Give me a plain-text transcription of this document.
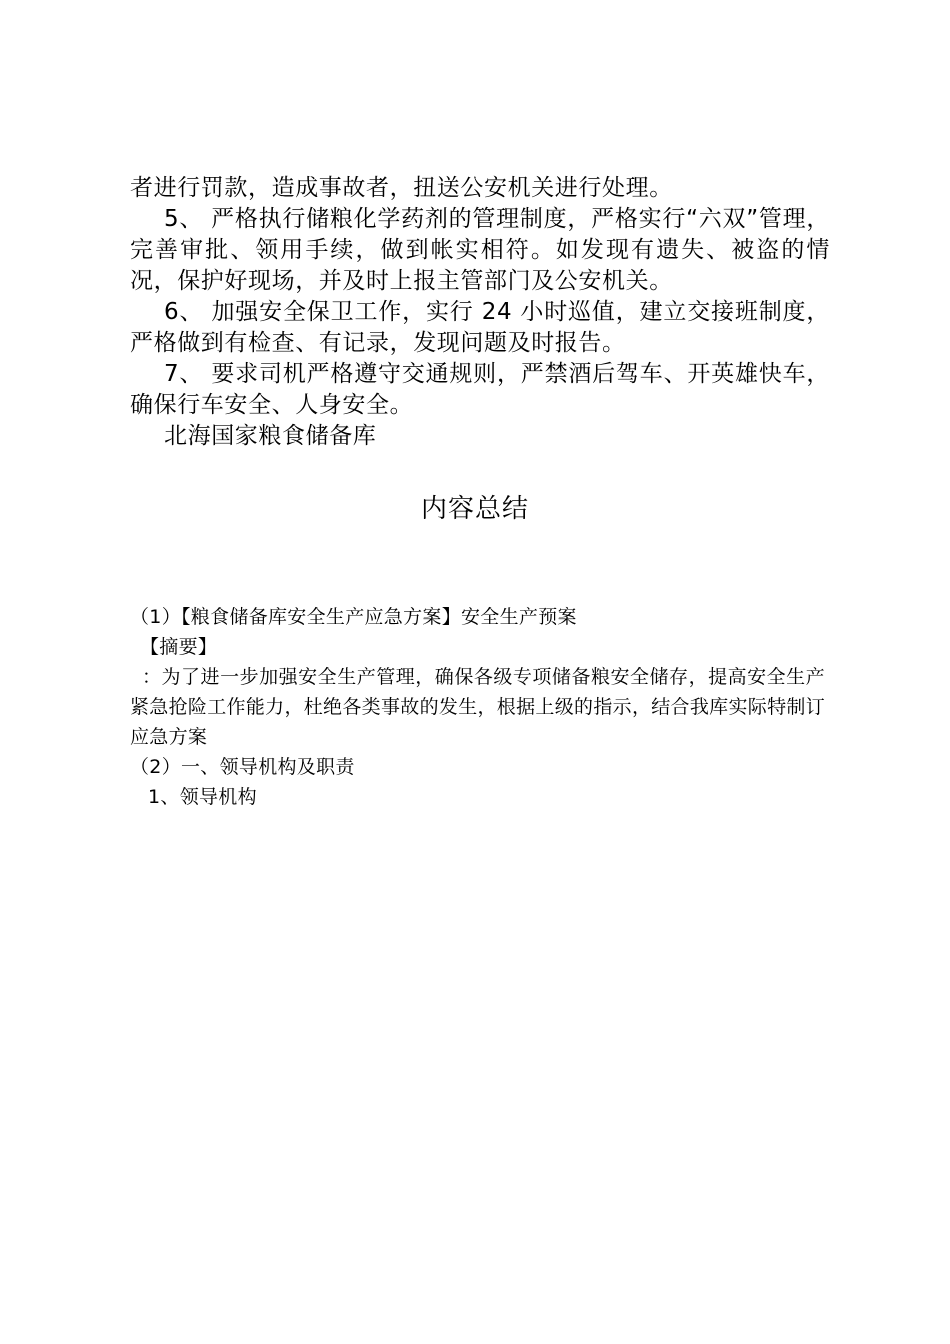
者进行罚款，造成事故者，扭送公安机关进行处理。

5、 严格执行储粮化学药剂的管理制度，严格实行“六双”管理，完善审批、领用手续，做到帐实相符。如发现有遗失、被盗的情况，保护好现场，并及时上报主管部门及公安机关。

6、 加强安全保卫工作，实行 24 小时巡值，建立交接班制度，严格做到有检查、有记录，发现问题及时报告。

7、 要求司机严格遵守交通规则，严禁酒后驾车、开英雄快车，确保行车安全、人身安全。

北海国家粮食储备库

内容总结

（1）【粮食储备库安全生产应急方案】安全生产预案

【摘要】

：为了进一步加强安全生产管理，确保各级专项储备粮安全储存，提高安全生产紧急抢险工作能力，杜绝各类事故的发生，根据上级的指示，结合我库实际特制订应急方案

（2）一、领导机构及职责

1、领导机构
